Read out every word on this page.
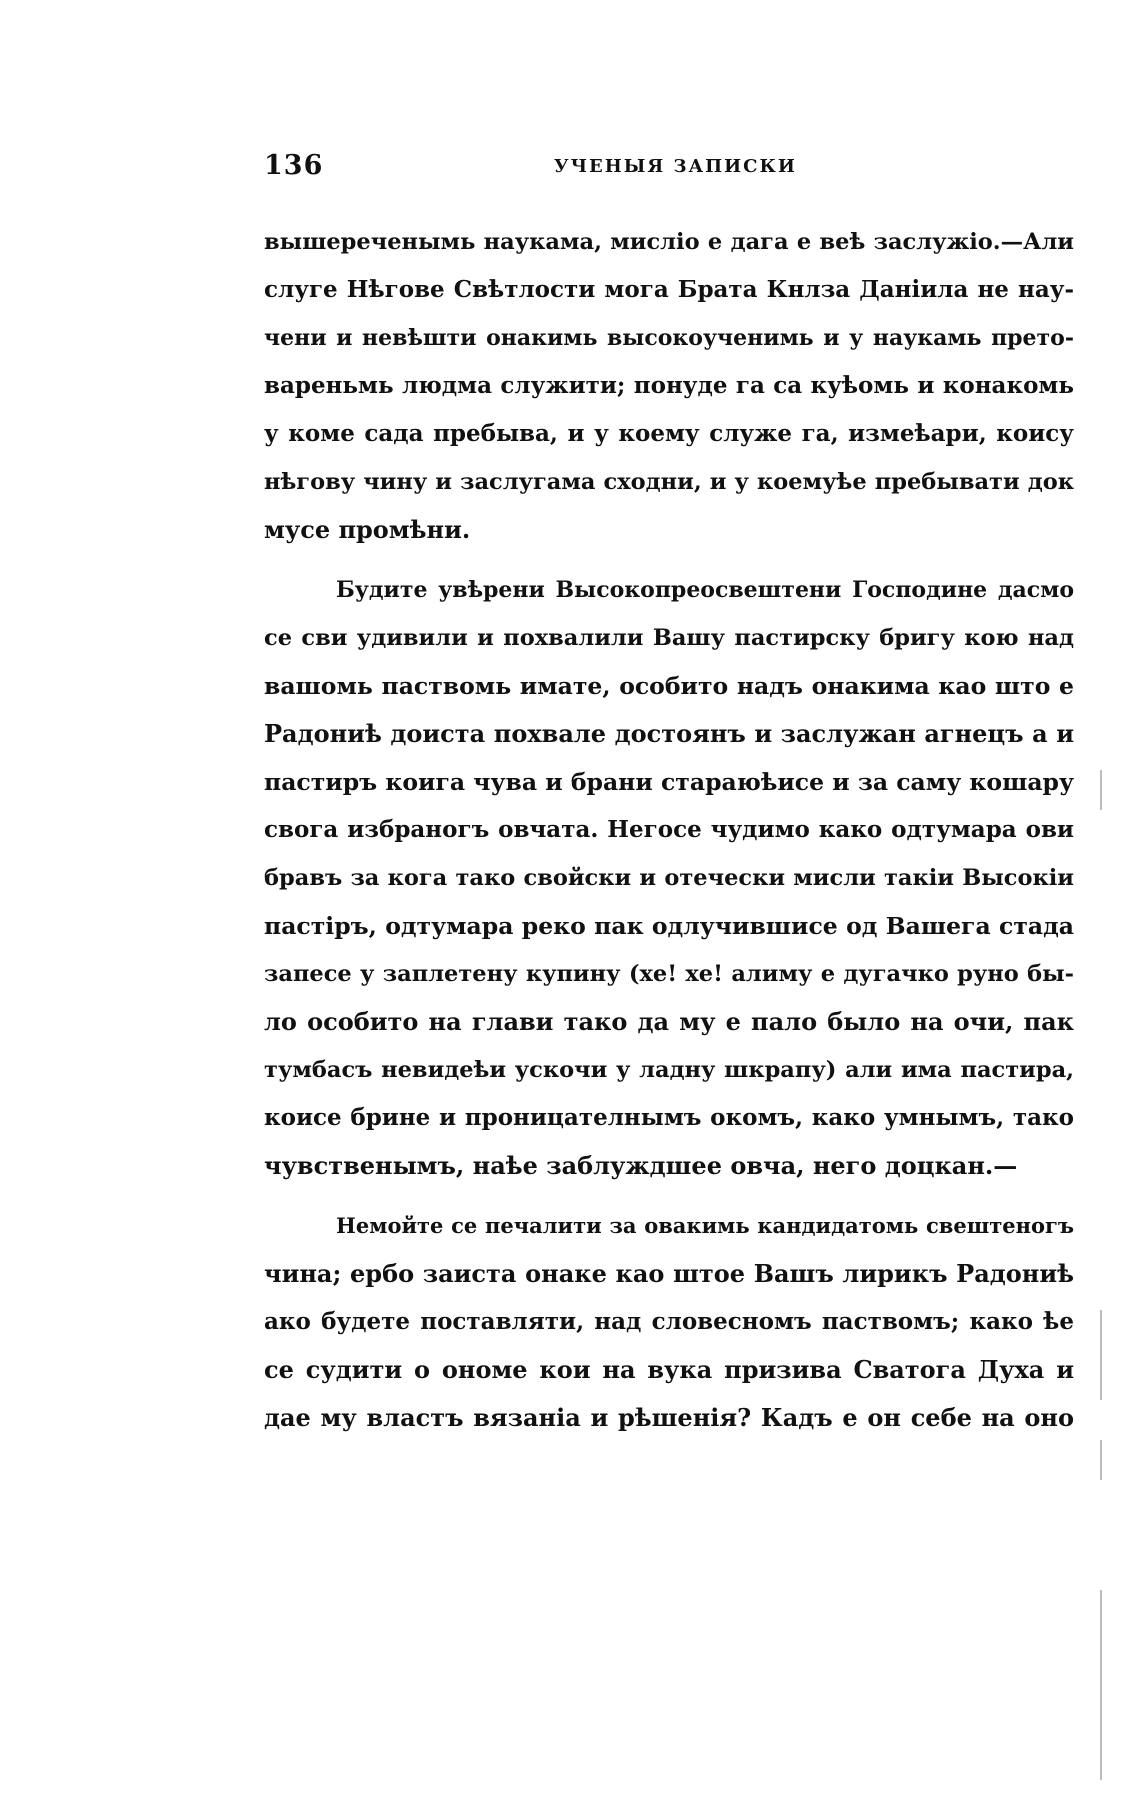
136	УЧЕНЫЯ ЗАПИСКИ
вышереченымь наукама, мислiо е дага е веѣ заслужiо.—Али
слуге Нѣгове Свѣтлости мога Брата Кнлза Данiила не нау-
чени и невѣшти онакимь высокоученимь и у наукамь прето-
вареньмь людма служити; понуде га са куѣомь и конакомь
у коме сада пребыва, и у коему служе га, измеѣари, коису
нѣгову чину и заслугама сходни, и у коемуѣе пребывати док
мусе промѣни.
Будите увѣрени Высокопреосвештени Господине дасмо
се сви удивили и похвалили Вашу пастирску бригу кою над
вашомь паствомь имате, особито надъ онакима као што е
Радониѣ доиста похвале достоянъ и заслужан агнецъ а и
пастиръ коига чува и брани стараюѣисе и за саму кошару
свога избраногъ овчата. Негосе чудимо како одтумара ови
бравъ за кога тако свойски и отечески мисли такiи Высокiи
пастiръ, одтумара реко пак одлучившисе од Вашега стада
запесе у заплетену купину (хе! хе! алиму е дугачко руно бы-
ло особито на глави тако да му е пало было на очи, пак
тумбасъ невидеѣи ускочи у ладну шкрапу) али има пастира,
коисе брине и проницателнымъ окомъ, како умнымъ, тако
чувственымъ, наѣе заблуждшее овча, него доцкан.—
Немойте се печалити за овакимь кандидатомь свештеногъ
чина; ербо заиста онаке као штое Вашъ лирикъ Радониѣ
ако будете поставляти, над словеснoмъ паствомъ; како ѣе
се судити о ономе кои на вука призива Сватога Духа и
дае му властъ вязанiа и рѣшенiя? Кадъ е он себе на оно
